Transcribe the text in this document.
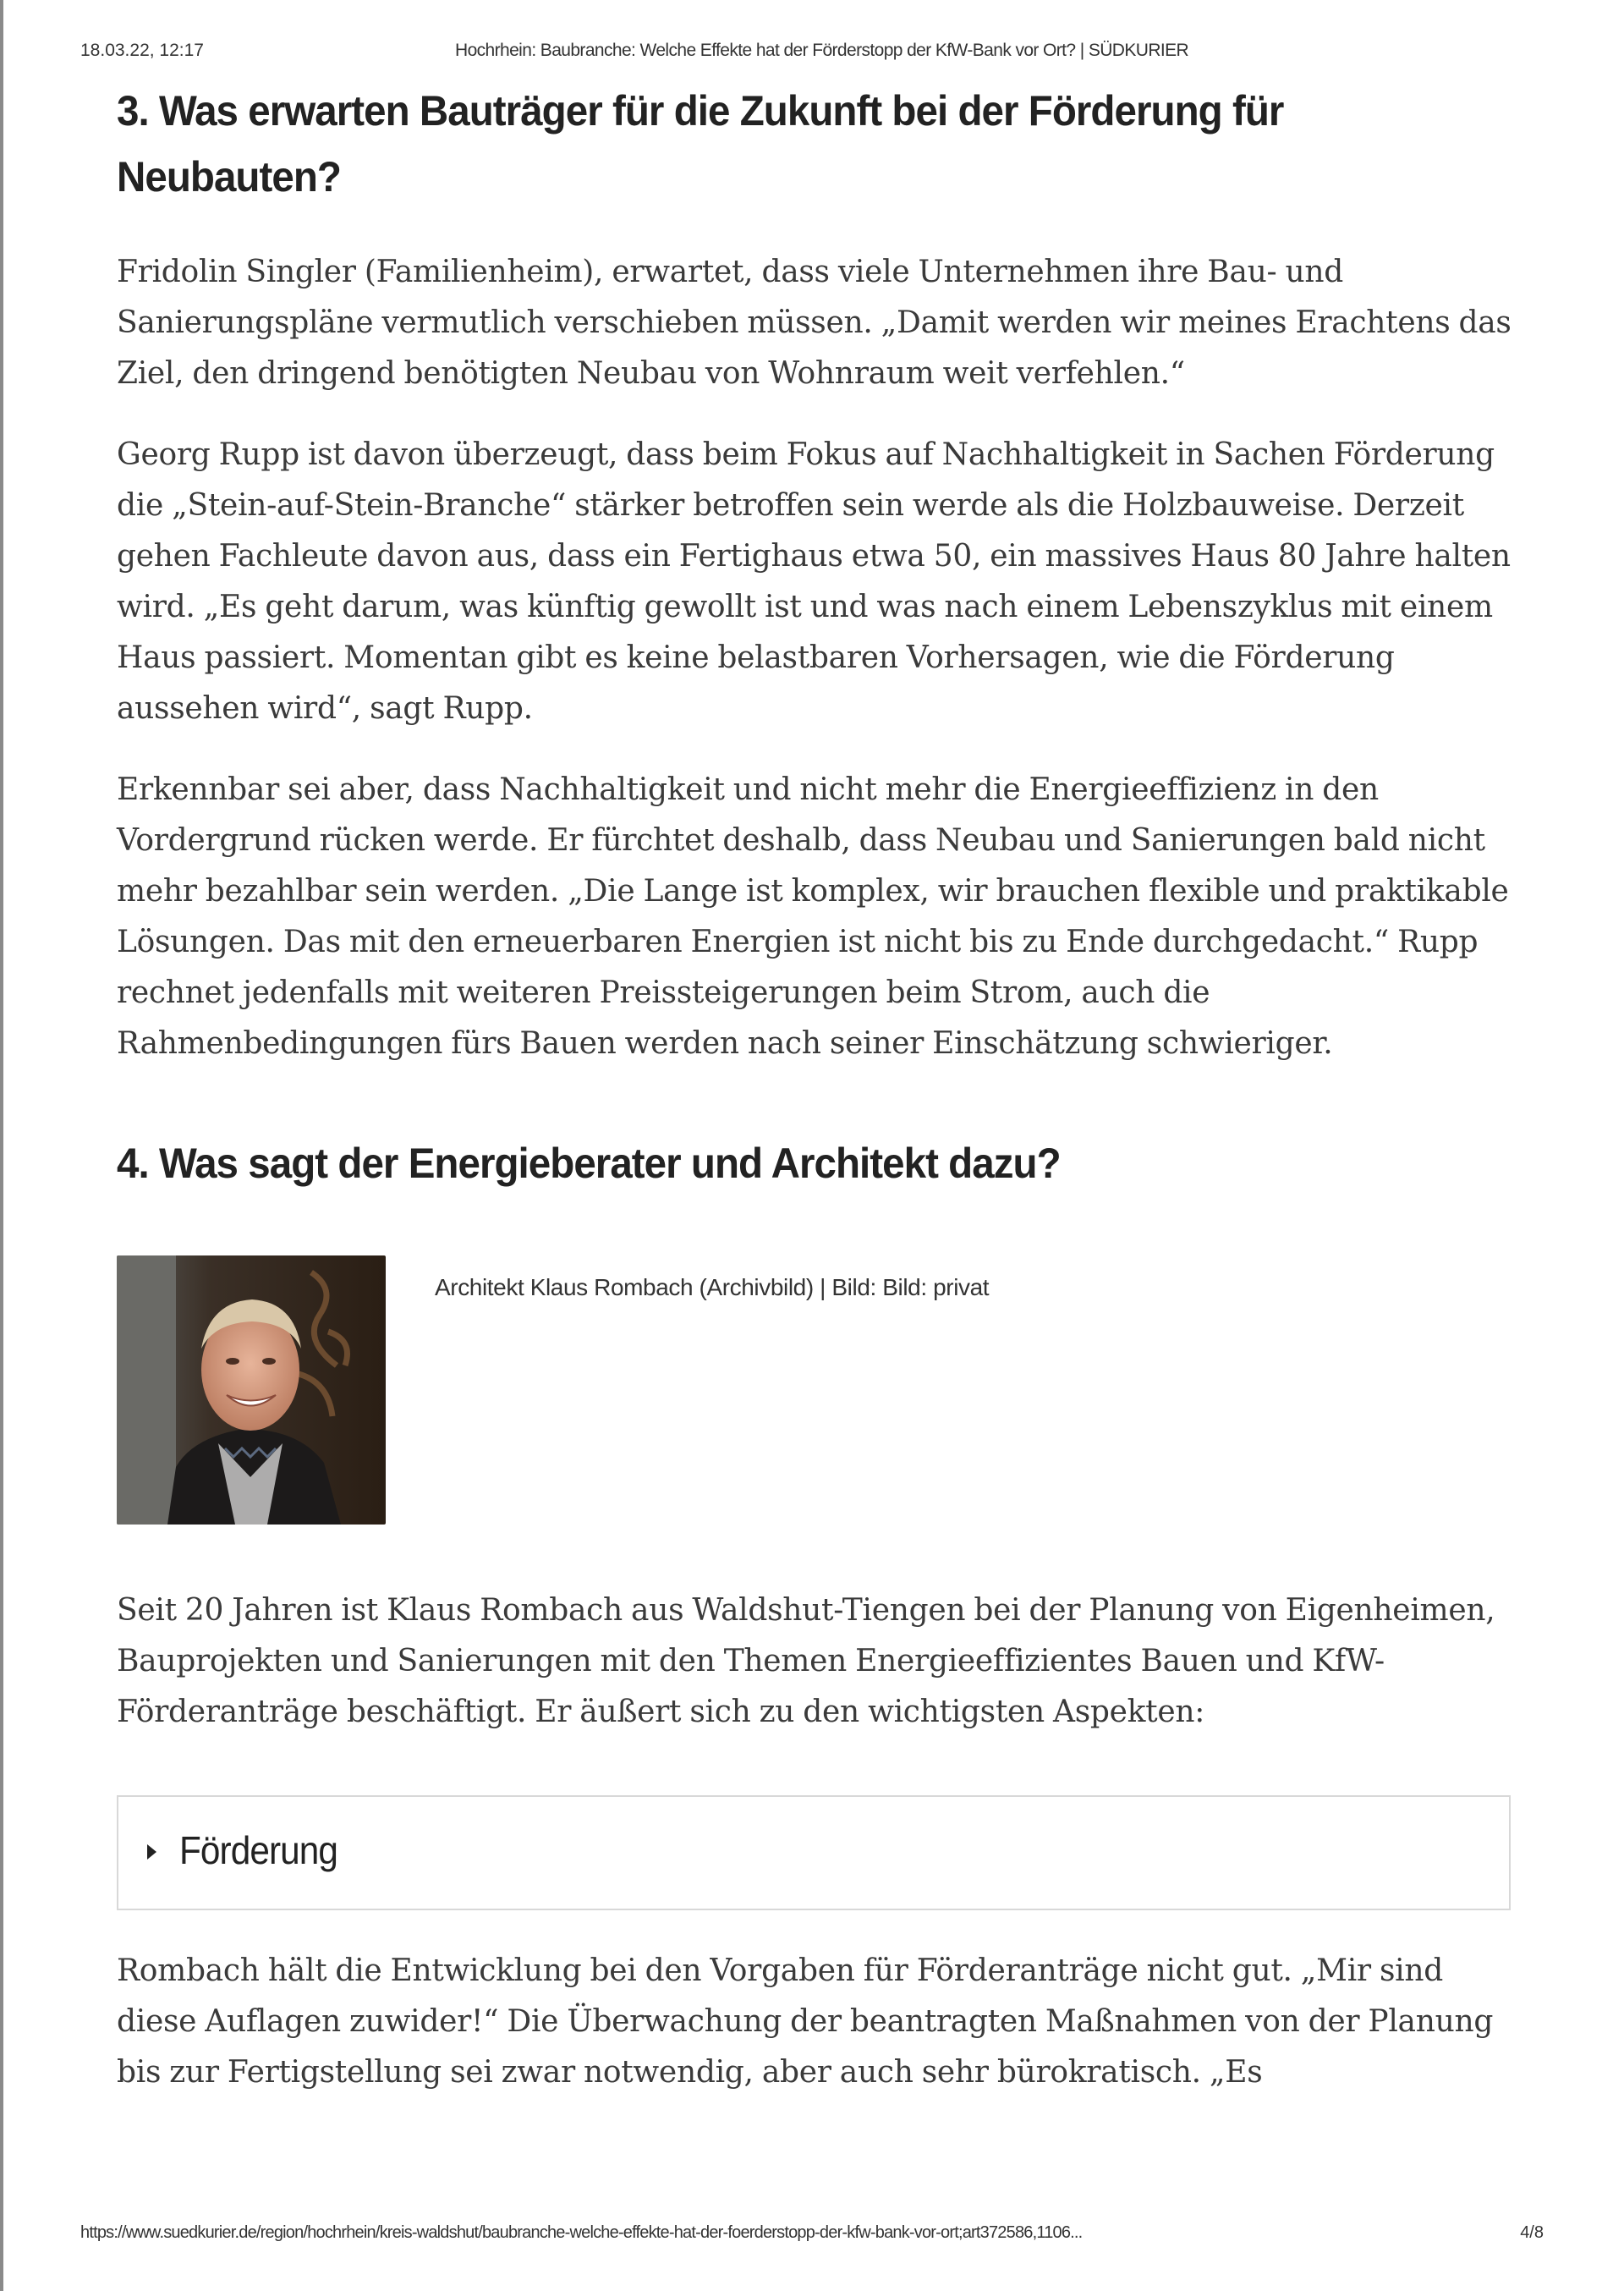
18.03.22, 12:17	Hochrhein: Baubranche: Welche Effekte hat der Förderstopp der KfW-Bank vor Ort? | SÜDKURIER
3. Was erwarten Bauträger für die Zukunft bei der Förderung für
Neubauten?

Fridolin Singler (Familienheim), erwartet, dass viele Unternehmen ihre Bau- und Sanierungspläne vermutlich verschieben müssen. „Damit werden wir meines Erachtens das Ziel, den dringend benötigten Neubau von Wohnraum weit verfehlen.“

Georg Rupp ist davon überzeugt, dass beim Fokus auf Nachhaltigkeit in Sachen Förderung die „Stein-auf-Stein-Branche“ stärker betroffen sein werde als die Holzbauweise. Derzeit gehen Fachleute davon aus, dass ein Fertighaus etwa 50, ein massives Haus 80 Jahre halten wird. „Es geht darum, was künftig gewollt ist und was nach einem Lebenszyklus mit einem Haus passiert. Momentan gibt es keine belastbaren Vorhersagen, wie die Förderung aussehen wird“, sagt Rupp.

Erkennbar sei aber, dass Nachhaltigkeit und nicht mehr die Energieeffizienz in den Vordergrund rücken werde. Er fürchtet deshalb, dass Neubau und Sanierungen bald nicht mehr bezahlbar sein werden. „Die Lange ist komplex, wir brauchen flexible und praktikable Lösungen. Das mit den erneuerbaren Energien ist nicht bis zu Ende durchgedacht.“ Rupp rechnet jedenfalls mit weiteren Preissteigerungen beim Strom, auch die Rahmenbedingungen fürs Bauen werden nach seiner Einschätzung schwieriger.

4. Was sagt der Energieberater und Architekt dazu?
Architekt Klaus Rombach (Archivbild) | Bild: Bild: privat

Seit 20 Jahren ist Klaus Rombach aus Waldshut-Tiengen bei der Planung von Eigenheimen, Bauprojekten und Sanierungen mit den Themen Energieeffizientes Bauen und KfW-Förderanträge beschäftigt. Er äußert sich zu den wichtigsten Aspekten:

Förderung

Rombach hält die Entwicklung bei den Vorgaben für Förderanträge nicht gut. „Mir sind diese Auflagen zuwider!“ Die Überwachung der beantragten Maßnahmen von der Planung bis zur Fertigstellung sei zwar notwendig, aber auch sehr bürokratisch. „Es

https://www.suedkurier.de/region/hochrhein/kreis-waldshut/baubranche-welche-effekte-hat-der-foerderstopp-der-kfw-bank-vor-ort;art372586,1106...	4/8
